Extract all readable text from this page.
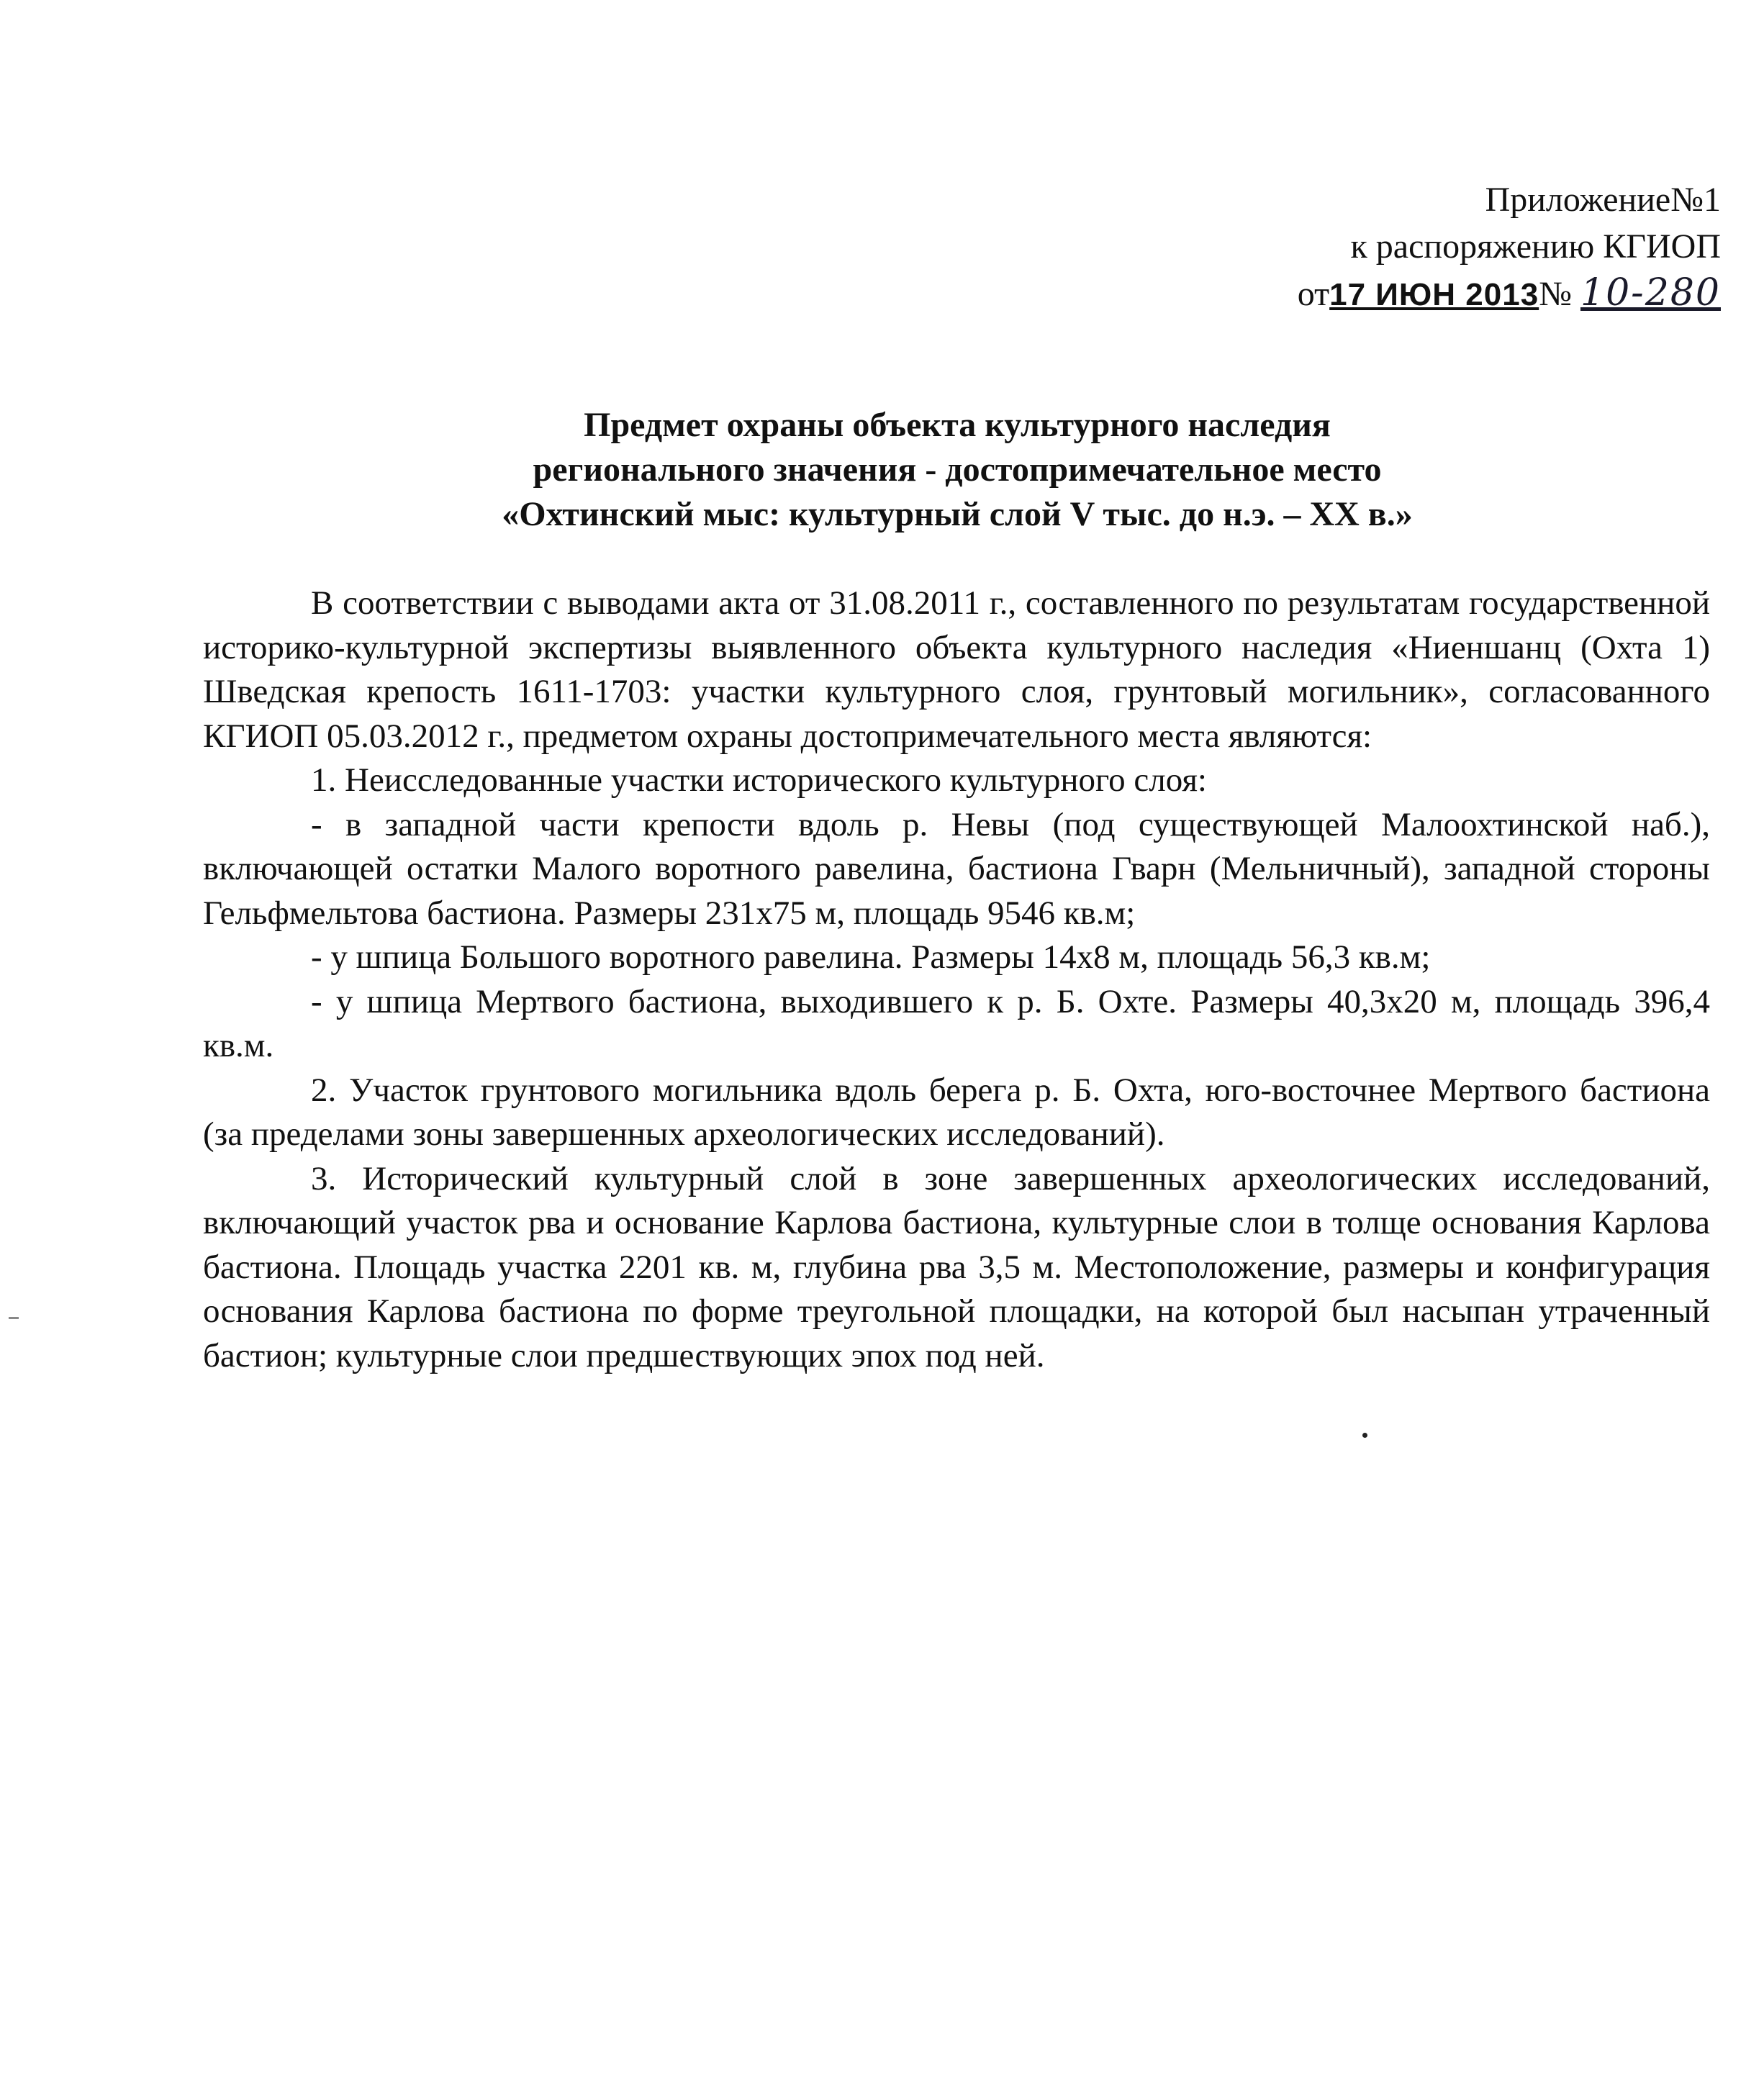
Приложение№1
к распоряжению КГИОП
от17 ИЮН 2013№ 10-280
Предмет охраны объекта культурного наследия
регионального значения - достопримечательное место
«Охтинский мыс: культурный слой V тыс. до н.э. – XX в.»

В соответствии с выводами акта от 31.08.2011 г., составленного по результатам государственной историко-культурной экспертизы выявленного объекта культурного наследия «Ниеншанц (Охта 1) Шведская крепость 1611-1703: участки культурного слоя, грунтовый могильник», согласованного КГИОП 05.03.2012 г., предметом охраны достопримечательного места являются:

1. Неисследованные участки исторического культурного слоя:

- в западной части крепости вдоль р. Невы (под существующей Малоохтинской наб.), включающей остатки Малого воротного равелина, бастиона Гварн (Мельничный), западной стороны Гельфмельтова бастиона. Размеры 231х75 м, площадь 9546 кв.м;

- у шпица Большого воротного равелина. Размеры 14х8 м, площадь 56,3 кв.м;

- у шпица Мертвого бастиона, выходившего к р. Б. Охте. Размеры 40,3х20 м, площадь 396,4 кв.м.

2. Участок грунтового могильника вдоль берега р. Б. Охта, юго-восточнее Мертвого бастиона (за пределами зоны завершенных археологических исследований).

3. Исторический культурный слой в зоне завершенных археологических исследований, включающий участок рва и основание Карлова бастиона, культурные слои в толще основания Карлова бастиона. Площадь участка 2201 кв. м, глубина рва 3,5 м. Местоположение, размеры и конфигурация основания Карлова бастиона по форме треугольной площадки, на которой был насыпан утраченный бастион; культурные слои предшествующих эпох под ней.
